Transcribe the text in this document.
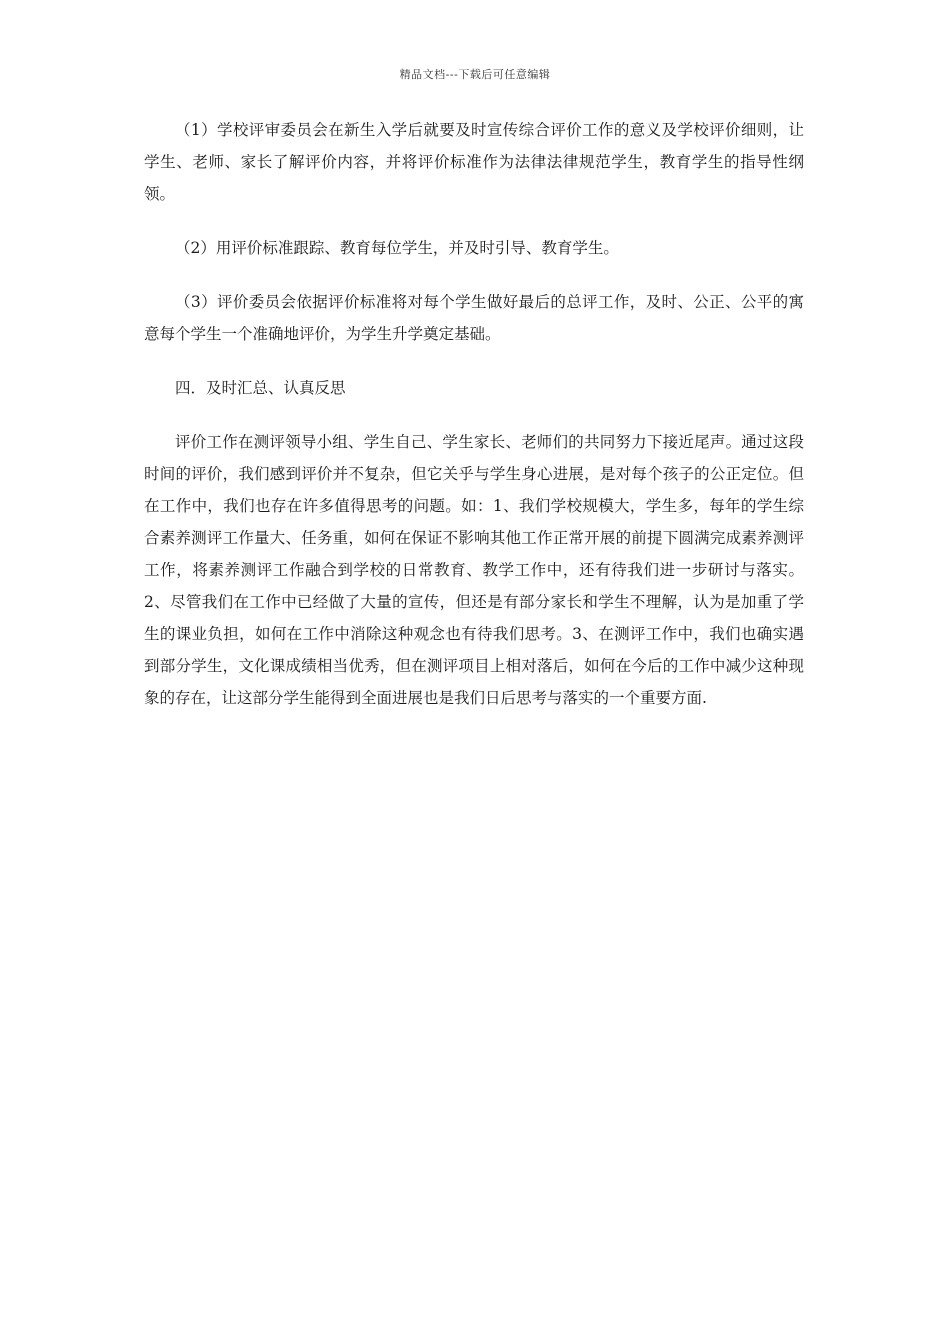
精品文档---下载后可任意编辑

（1）学校评审委员会在新生入学后就要及时宣传综合评价工作的意义及学校评价细则，让学生、老师、家长了解评价内容，并将评价标准作为法律法律规范学生，教育学生的指导性纲领。

（2）用评价标准跟踪、教育每位学生，并及时引导、教育学生。

（3）评价委员会依据评价标准将对每个学生做好最后的总评工作，及时、公正、公平的寓意每个学生一个准确地评价，为学生升学奠定基础。

四．及时汇总、认真反思

评价工作在测评领导小组、学生自己、学生家长、老师们的共同努力下接近尾声。通过这段时间的评价，我们感到评价并不复杂，但它关乎与学生身心进展，是对每个孩子的公正定位。但在工作中，我们也存在许多值得思考的问题。如：1、我们学校规模大，学生多，每年的学生综合素养测评工作量大、任务重，如何在保证不影响其他工作正常开展的前提下圆满完成素养测评工作，将素养测评工作融合到学校的日常教育、教学工作中，还有待我们进一步研讨与落实。2、尽管我们在工作中已经做了大量的宣传，但还是有部分家长和学生不理解，认为是加重了学生的课业负担，如何在工作中消除这种观念也有待我们思考。3、在测评工作中，我们也确实遇到部分学生，文化课成绩相当优秀，但在测评项目上相对落后，如何在今后的工作中减少这种现象的存在，让这部分学生能得到全面进展也是我们日后思考与落实的一个重要方面.
